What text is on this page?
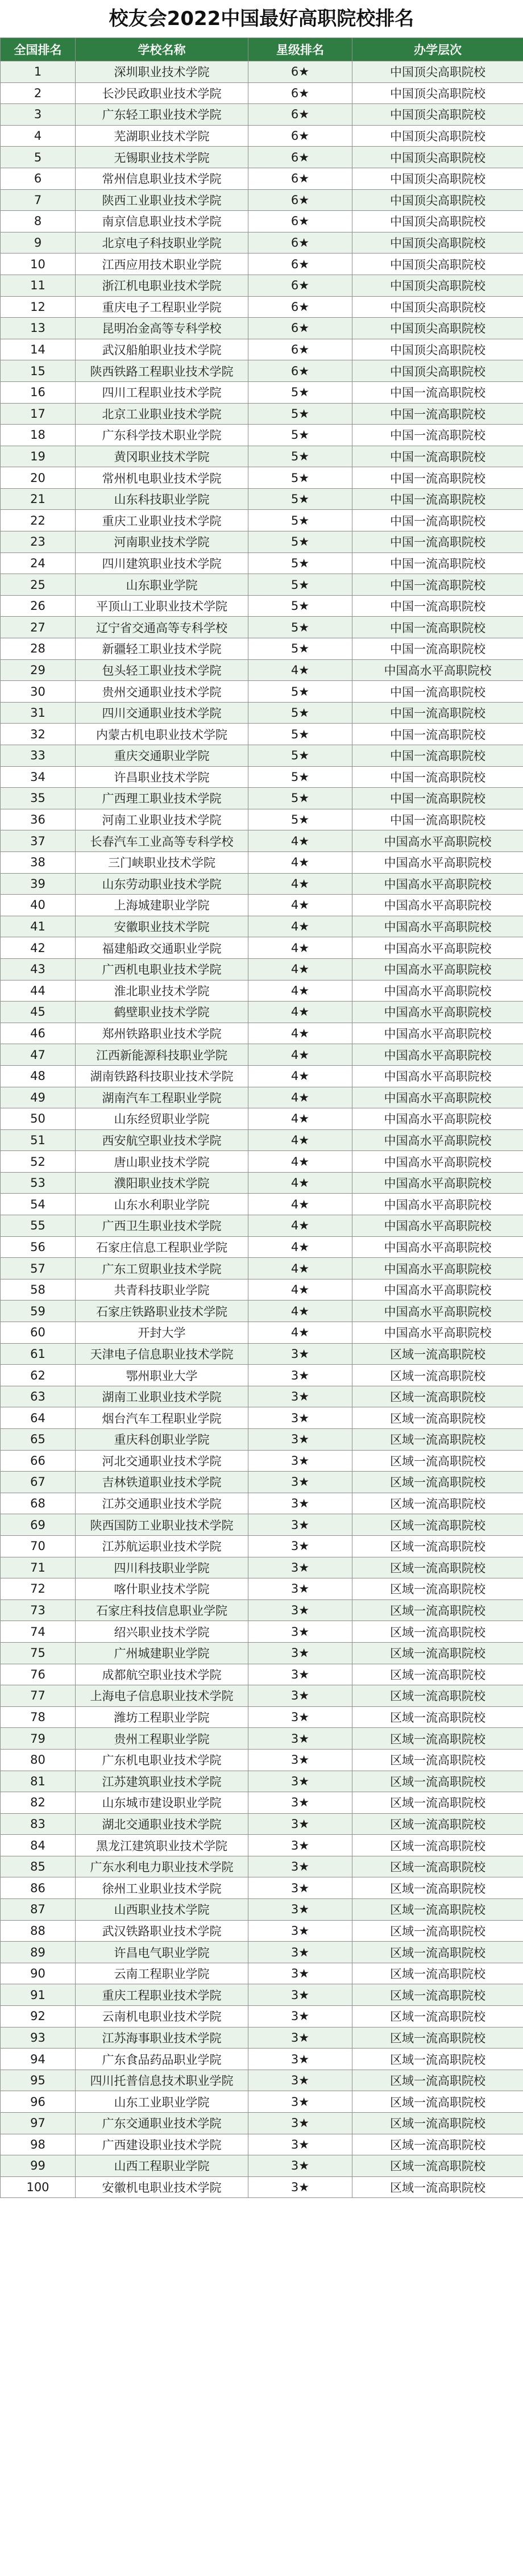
校友会2022中国最好高职院校排名
全国排名	学校名称	星级排名	办学层次
1	深圳职业技术学院	6★	中国顶尖高职院校
2	长沙民政职业技术学院	6★	中国顶尖高职院校
3	广东轻工职业技术学院	6★	中国顶尖高职院校
4	芜湖职业技术学院	6★	中国顶尖高职院校
5	无锡职业技术学院	6★	中国顶尖高职院校
6	常州信息职业技术学院	6★	中国顶尖高职院校
7	陕西工业职业技术学院	6★	中国顶尖高职院校
8	南京信息职业技术学院	6★	中国顶尖高职院校
9	北京电子科技职业学院	6★	中国顶尖高职院校
10	江西应用技术职业学院	6★	中国顶尖高职院校
11	浙江机电职业技术学院	6★	中国顶尖高职院校
12	重庆电子工程职业学院	6★	中国顶尖高职院校
13	昆明冶金高等专科学校	6★	中国顶尖高职院校
14	武汉船舶职业技术学院	6★	中国顶尖高职院校
15	陕西铁路工程职业技术学院	6★	中国顶尖高职院校
16	四川工程职业技术学院	5★	中国一流高职院校
17	北京工业职业技术学院	5★	中国一流高职院校
18	广东科学技术职业学院	5★	中国一流高职院校
19	黄冈职业技术学院	5★	中国一流高职院校
20	常州机电职业技术学院	5★	中国一流高职院校
21	山东科技职业学院	5★	中国一流高职院校
22	重庆工业职业技术学院	5★	中国一流高职院校
23	河南职业技术学院	5★	中国一流高职院校
24	四川建筑职业技术学院	5★	中国一流高职院校
25	山东职业学院	5★	中国一流高职院校
26	平顶山工业职业技术学院	5★	中国一流高职院校
27	辽宁省交通高等专科学校	5★	中国一流高职院校
28	新疆轻工职业技术学院	5★	中国一流高职院校
29	包头轻工职业技术学院	4★	中国高水平高职院校
30	贵州交通职业技术学院	5★	中国一流高职院校
31	四川交通职业技术学院	5★	中国一流高职院校
32	内蒙古机电职业技术学院	5★	中国一流高职院校
33	重庆交通职业学院	5★	中国一流高职院校
34	许昌职业技术学院	5★	中国一流高职院校
35	广西理工职业技术学院	5★	中国一流高职院校
36	河南工业职业技术学院	5★	中国一流高职院校
37	长春汽车工业高等专科学校	4★	中国高水平高职院校
38	三门峡职业技术学院	4★	中国高水平高职院校
39	山东劳动职业技术学院	4★	中国高水平高职院校
40	上海城建职业学院	4★	中国高水平高职院校
41	安徽职业技术学院	4★	中国高水平高职院校
42	福建船政交通职业学院	4★	中国高水平高职院校
43	广西机电职业技术学院	4★	中国高水平高职院校
44	淮北职业技术学院	4★	中国高水平高职院校
45	鹤壁职业技术学院	4★	中国高水平高职院校
46	郑州铁路职业技术学院	4★	中国高水平高职院校
47	江西新能源科技职业学院	4★	中国高水平高职院校
48	湖南铁路科技职业技术学院	4★	中国高水平高职院校
49	湖南汽车工程职业学院	4★	中国高水平高职院校
50	山东经贸职业学院	4★	中国高水平高职院校
51	西安航空职业技术学院	4★	中国高水平高职院校
52	唐山职业技术学院	4★	中国高水平高职院校
53	濮阳职业技术学院	4★	中国高水平高职院校
54	山东水利职业学院	4★	中国高水平高职院校
55	广西卫生职业技术学院	4★	中国高水平高职院校
56	石家庄信息工程职业学院	4★	中国高水平高职院校
57	广东工贸职业技术学院	4★	中国高水平高职院校
58	共青科技职业学院	4★	中国高水平高职院校
59	石家庄铁路职业技术学院	4★	中国高水平高职院校
60	开封大学	4★	中国高水平高职院校
61	天津电子信息职业技术学院	3★	区域一流高职院校
62	鄂州职业大学	3★	区域一流高职院校
63	湖南工业职业技术学院	3★	区域一流高职院校
64	烟台汽车工程职业学院	3★	区域一流高职院校
65	重庆科创职业学院	3★	区域一流高职院校
66	河北交通职业技术学院	3★	区域一流高职院校
67	吉林铁道职业技术学院	3★	区域一流高职院校
68	江苏交通职业技术学院	3★	区域一流高职院校
69	陕西国防工业职业技术学院	3★	区域一流高职院校
70	江苏航运职业技术学院	3★	区域一流高职院校
71	四川科技职业学院	3★	区域一流高职院校
72	喀什职业技术学院	3★	区域一流高职院校
73	石家庄科技信息职业学院	3★	区域一流高职院校
74	绍兴职业技术学院	3★	区域一流高职院校
75	广州城建职业学院	3★	区域一流高职院校
76	成都航空职业技术学院	3★	区域一流高职院校
77	上海电子信息职业技术学院	3★	区域一流高职院校
78	潍坊工程职业学院	3★	区域一流高职院校
79	贵州工程职业学院	3★	区域一流高职院校
80	广东机电职业技术学院	3★	区域一流高职院校
81	江苏建筑职业技术学院	3★	区域一流高职院校
82	山东城市建设职业学院	3★	区域一流高职院校
83	湖北交通职业技术学院	3★	区域一流高职院校
84	黑龙江建筑职业技术学院	3★	区域一流高职院校
85	广东水利电力职业技术学院	3★	区域一流高职院校
86	徐州工业职业技术学院	3★	区域一流高职院校
87	山西职业技术学院	3★	区域一流高职院校
88	武汉铁路职业技术学院	3★	区域一流高职院校
89	许昌电气职业学院	3★	区域一流高职院校
90	云南工程职业学院	3★	区域一流高职院校
91	重庆工程职业技术学院	3★	区域一流高职院校
92	云南机电职业技术学院	3★	区域一流高职院校
93	江苏海事职业技术学院	3★	区域一流高职院校
94	广东食品药品职业学院	3★	区域一流高职院校
95	四川托普信息技术职业学院	3★	区域一流高职院校
96	山东工业职业学院	3★	区域一流高职院校
97	广东交通职业技术学院	3★	区域一流高职院校
98	广西建设职业技术学院	3★	区域一流高职院校
99	山西工程职业学院	3★	区域一流高职院校
100	安徽机电职业技术学院	3★	区域一流高职院校
